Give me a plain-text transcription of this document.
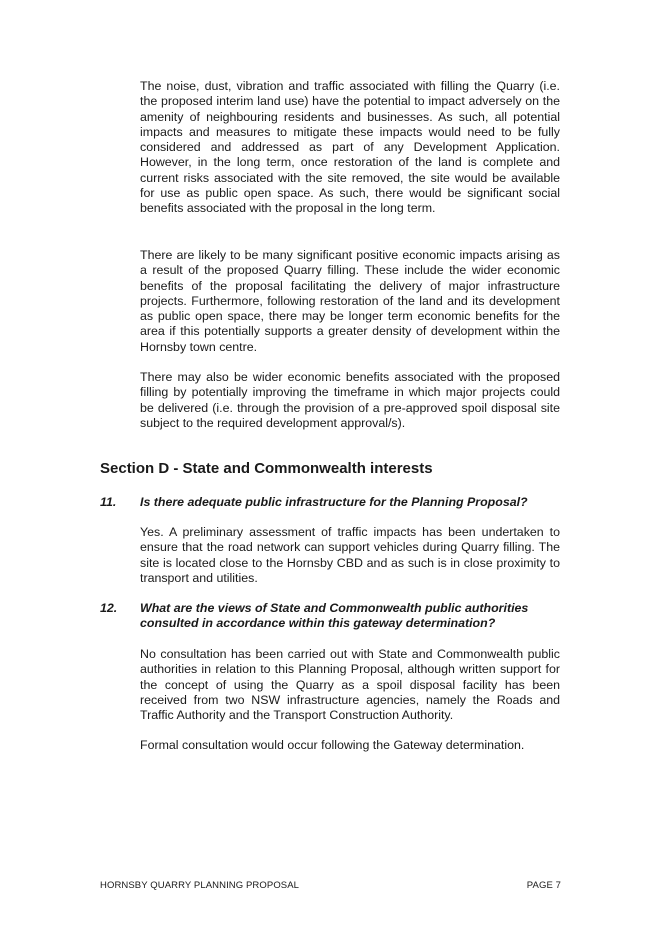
The noise, dust, vibration and traffic associated with filling the Quarry (i.e. the proposed interim land use) have the potential to impact adversely on the amenity of neighbouring residents and businesses. As such, all potential impacts and measures to mitigate these impacts would need to be fully considered and addressed as part of any Development Application. However, in the long term, once restoration of the land is complete and current risks associated with the site removed, the site would be available for use as public open space. As such, there would be significant social benefits associated with the proposal in the long term.

There are likely to be many significant positive economic impacts arising as a result of the proposed Quarry filling. These include the wider economic benefits of the proposal facilitating the delivery of major infrastructure projects. Furthermore, following restoration of the land and its development as public open space, there may be longer term economic benefits for the area if this potentially supports a greater density of development within the Hornsby town centre.

There may also be wider economic benefits associated with the proposed filling by potentially improving the timeframe in which major projects could be delivered (i.e. through the provision of a pre-approved spoil disposal site subject to the required development approval/s).

Section D - State and Commonwealth interests
11. Is there adequate public infrastructure for the Planning Proposal?

Yes. A preliminary assessment of traffic impacts has been undertaken to ensure that the road network can support vehicles during Quarry filling. The site is located close to the Hornsby CBD and as such is in close proximity to transport and utilities.

12. What are the views of State and Commonwealth public authorities consulted in accordance within this gateway determination?

No consultation has been carried out with State and Commonwealth public authorities in relation to this Planning Proposal, although written support for the concept of using the Quarry as a spoil disposal facility has been received from two NSW infrastructure agencies, namely the Roads and Traffic Authority and the Transport Construction Authority.

Formal consultation would occur following the Gateway determination.

HORNSBY QUARRY PLANNING PROPOSAL	PAGE 7
